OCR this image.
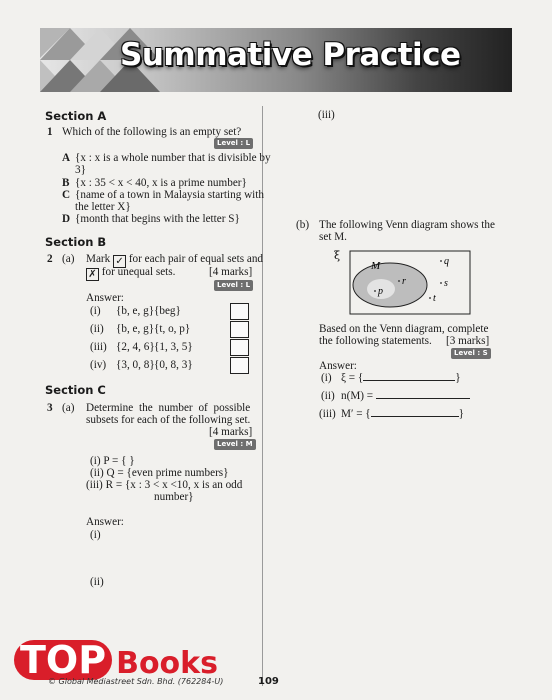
Summative Practice
Section A
1 Which of the following is an empty set?
Level : L
A {x : x is a whole number that is divisible by
3}
B {x : 35 < x < 40, x is a prime number}
C {name of a town in Malaysia starting with
the letter X}
D {month that begins with the letter S}
Section B
2 (a) Mark ✓ for each pair of equal sets and
✗ for unequal sets.	[4 marks]
Level : L
Answer:
(i) {b, e, g} {beg}
(ii) {b, e, g} {t, o, p}
(iii) {2, 4, 6} {1, 3, 5}
(iv) {3, 0, 8} {0, 8, 3}
Section C
3 (a) Determine the number of possible
subsets for each of the following set.
[4 marks]
Level : M
(i) P = { }
(ii) Q = {even prime numbers}
(iii) R = {x : 3 < x <10, x is an odd
number}
Answer:
(i)
(ii)
(iii)
(b) The following Venn diagram shows the
set M.
ξ
M
p
r
q
s
t
Based on the Venn diagram, complete
the following statements. [3 marks]
Level : S
Answer:
(i) ξ = {	}
(ii) n(M) =
(iii) M′ = {	}
TOP Books
© Global Mediastreet Sdn. Bhd. (762284-U)	109
